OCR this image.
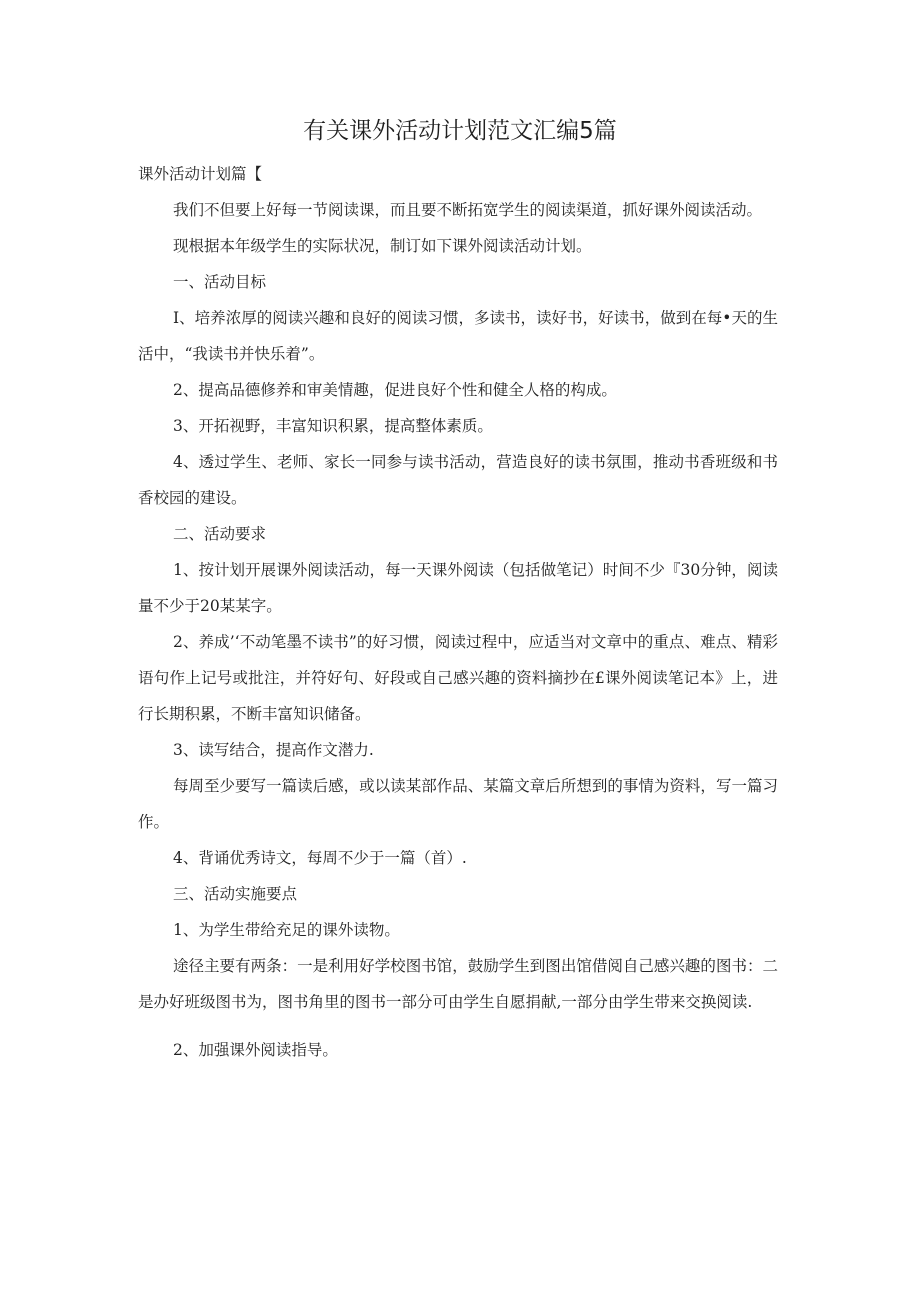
有关课外活动计划范文汇编5篇

课外活动计划篇【

我们不但要上好每一节阅读课，而且要不断拓宽学生的阅读渠道，抓好课外阅读活动。

现根据本年级学生的实际状况，制订如下课外阅读活动计划。

一、活动目标

I、培养浓厚的阅读兴趣和良好的阅读习惯，多读书，读好书，好读书，做到在每•天的生活中，“我读书并快乐着”。

2、提高品德修养和审美情趣，促进良好个性和健全人格的构成。

3、开拓视野，丰富知识积累，提高整体素质。

4、透过学生、老师、家长一同参与读书活动，营造良好的读书氛围，推动书香班级和书香校园的建设。

二、活动要求

1、按计划开展课外阅读活动，每一天课外阅读（包括做笔记）时间不少『30分钟，阅读量不少于20某某字。

2、养成’‘不动笔墨不读书”的好习惯，阅读过程中，应适当对文章中的重点、难点、精彩语句作上记号或批注，并符好句、好段或自己感兴趣的资料摘抄在£课外阅读笔记本》上，进行长期积累，不断丰富知识储备。

3、读写结合，提高作文潜力.

每周至少要写一篇读后感，或以读某部作品、某篇文章后所想到的事情为资料，写一篇习作。

4、背诵优秀诗文，每周不少于一篇（首）.

三、活动实施要点

1、为学生带给充足的课外读物。

途径主要有两条：一是利用好学校图书馆，鼓励学生到图出馆借阅自己感兴趣的图书：二是办好班级图书为，图书角里的图书一部分可由学生自愿捐献,一部分由学生带来交换阅读.

2、加强课外阅读指导。
